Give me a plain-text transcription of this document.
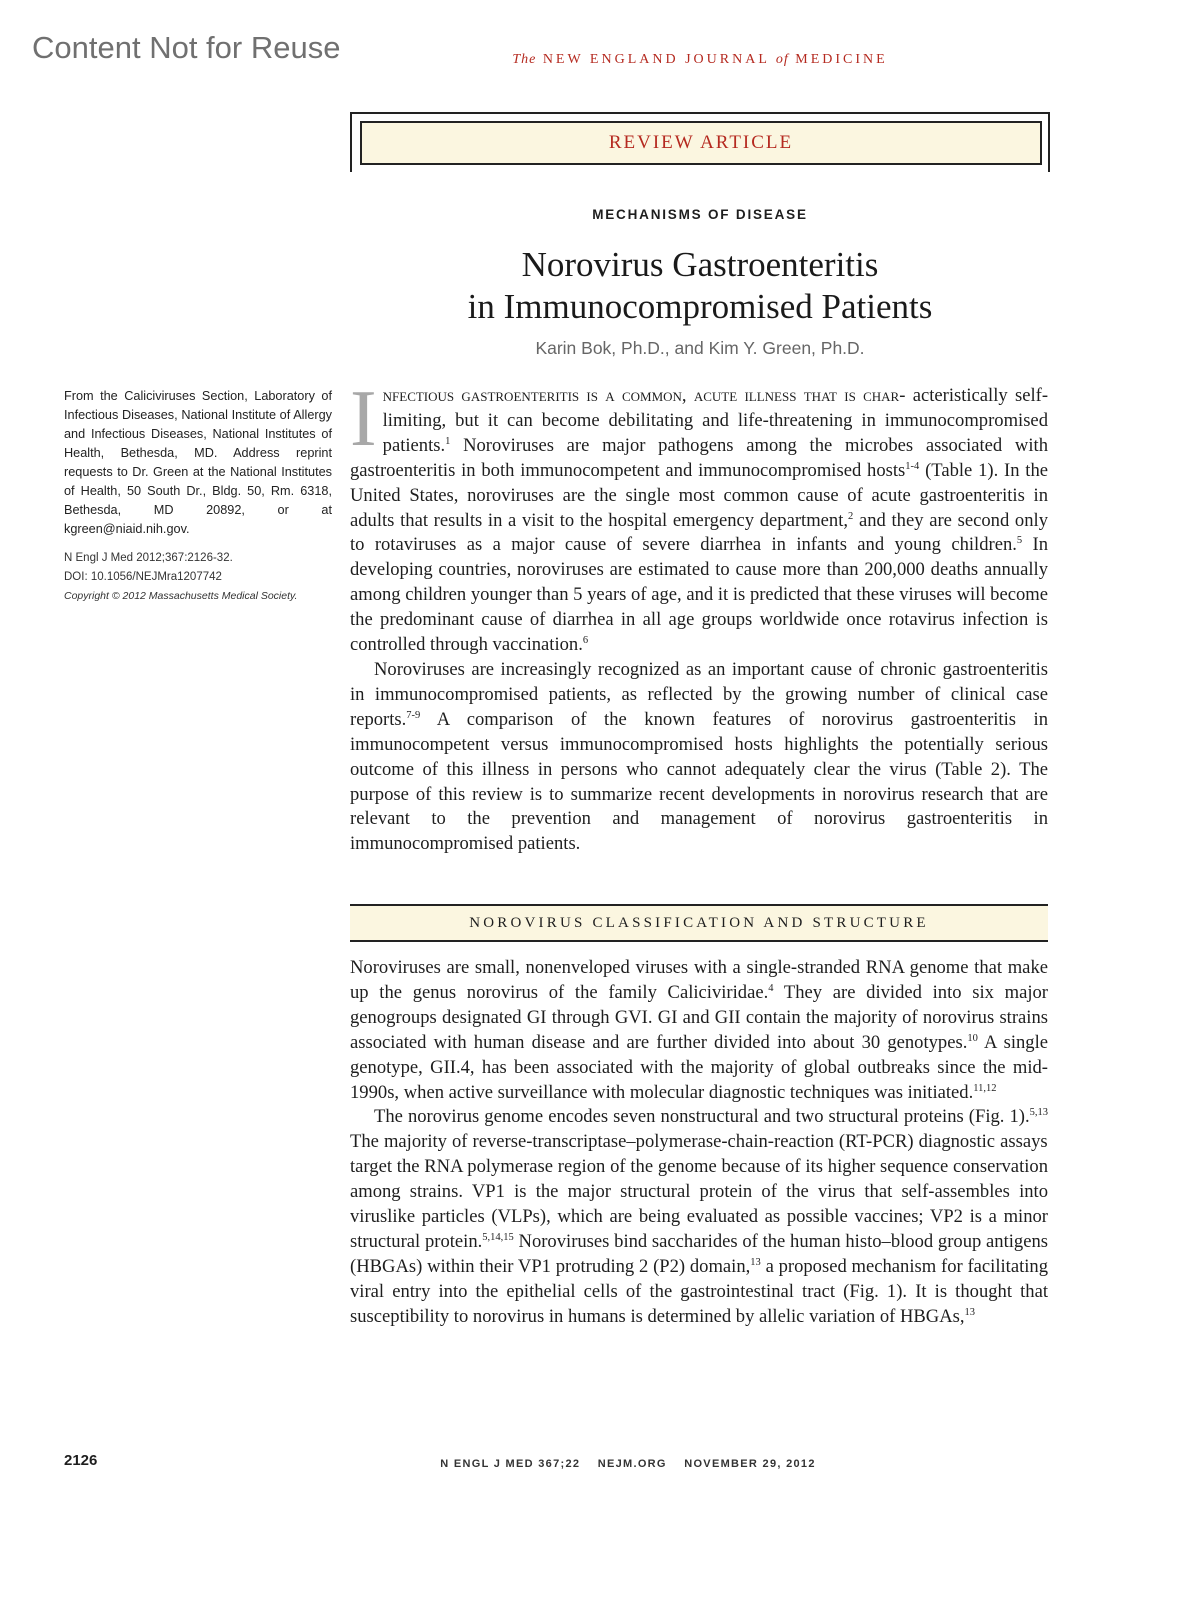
Content Not for Reuse	The NEW ENGLAND JOURNAL of MEDICINE
REVIEW ARTICLE
MECHANISMS OF DISEASE
Norovirus Gastroenteritis
in Immunocompromised Patients
Karin Bok, Ph.D., and Kim Y. Green, Ph.D.
From the Caliciviruses Section, Laboratory of Infectious Diseases, National Institute of Allergy and Infectious Diseases, National Institutes of Health, Bethesda, MD. Address reprint requests to Dr. Green at the National Institutes of Health, 50 South Dr., Bldg. 50, Rm. 6318, Bethesda, MD 20892, or at kgreen@niaid.nih.gov.
N Engl J Med 2012;367:2126-32.
DOI: 10.1056/NEJMra1207742
Copyright © 2012 Massachusetts Medical Society.

Infectious gastroenteritis is a common, acute illness that is char- acteristically self-limiting, but it can become debilitating and life-threatening in immunocompromised patients.$^1$ Noroviruses are major pathogens among the microbes associated with gastroenteritis in both immunocompetent and immunocompromised hosts$^{1-4}$ (Table 1). In the United States, noroviruses are the single most common cause of acute gastroenteritis in adults that results in a visit to the hospital emergency department,$^2$ and they are second only to rotaviruses as a major cause of severe diarrhea in infants and young children.$^5$ In developing countries, noroviruses are estimated to cause more than 200,000 deaths annually among children younger than 5 years of age, and it is predicted that these viruses will become the predominant cause of diarrhea in all age groups worldwide once rotavirus infection is controlled through vaccination.$^6$

Noroviruses are increasingly recognized as an important cause of chronic gastroenteritis in immunocompromised patients, as reflected by the growing number of clinical case reports.$^{7-9}$ A comparison of the known features of norovirus gastroenteritis in immunocompetent versus immunocompromised hosts highlights the potentially serious outcome of this illness in persons who cannot adequately clear the virus (Table 2). The purpose of this review is to summarize recent developments in norovirus research that are relevant to the prevention and management of norovirus gastroenteritis in immunocompromised patients.

NOROVIRUS CLASSIFICATION AND STRUCTURE

Noroviruses are small, nonenveloped viruses with a single-stranded RNA genome that make up the genus norovirus of the family Caliciviridae.$^4$ They are divided into six major genogroups designated GI through GVI. GI and GII contain the majority of norovirus strains associated with human disease and are further divided into about 30 genotypes.$^{10}$ A single genotype, GII.4, has been associated with the majority of global outbreaks since the mid-1990s, when active surveillance with molecular diagnostic techniques was initiated.$^{11,12}$

The norovirus genome encodes seven nonstructural and two structural proteins (Fig. 1).$^{5,13}$ The majority of reverse-transcriptase–polymerase-chain-reaction (RT-PCR) diagnostic assays target the RNA polymerase region of the genome because of its higher sequence conservation among strains. VP1 is the major structural protein of the virus that self-assembles into viruslike particles (VLPs), which are being evaluated as possible vaccines; VP2 is a minor structural protein.$^{5,14,15}$ Noroviruses bind saccharides of the human histo–blood group antigens (HBGAs) within their VP1 protruding 2 (P2) domain,$^{13}$ a proposed mechanism for facilitating viral entry into the epithelial cells of the gastrointestinal tract (Fig. 1). It is thought that susceptibility to norovirus in humans is determined by allelic variation of HBGAs,$^{13}$

2126	N ENGL J MED 367;22    NEJM.ORG    NOVEMBER 29, 2012
